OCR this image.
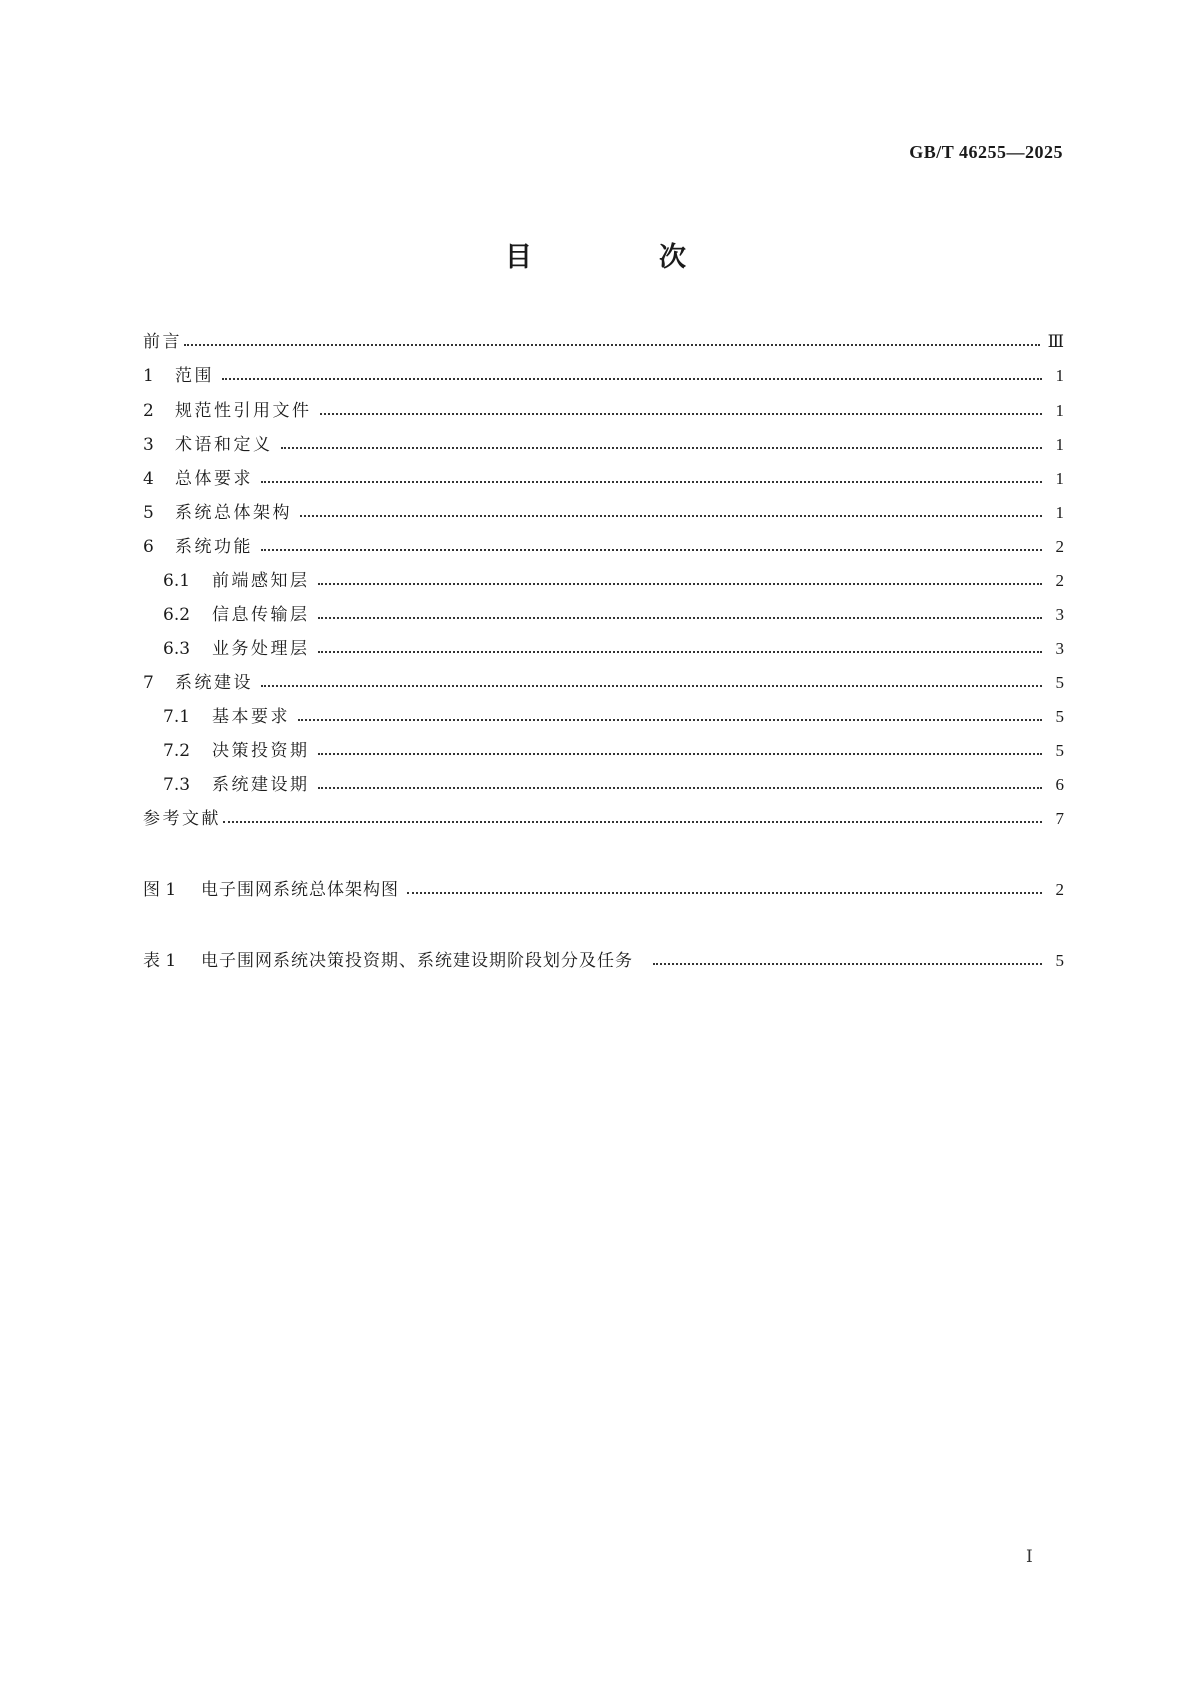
GB/T 46255—2025
目　次
前言	Ⅲ
1	范围	1
2	规范性引用文件	1
3	术语和定义	1
4	总体要求	1
5	系统总体架构	1
6	系统功能	2
6.1	前端感知层	2
6.2	信息传输层	3
6.3	业务处理层	3
7	系统建设	5
7.1	基本要求	5
7.2	决策投资期	5
7.3	系统建设期	6
参考文献	7
图 1	电子围网系统总体架构图	2
表 1	电子围网系统决策投资期、系统建设期阶段划分及任务	5
Ⅰ
